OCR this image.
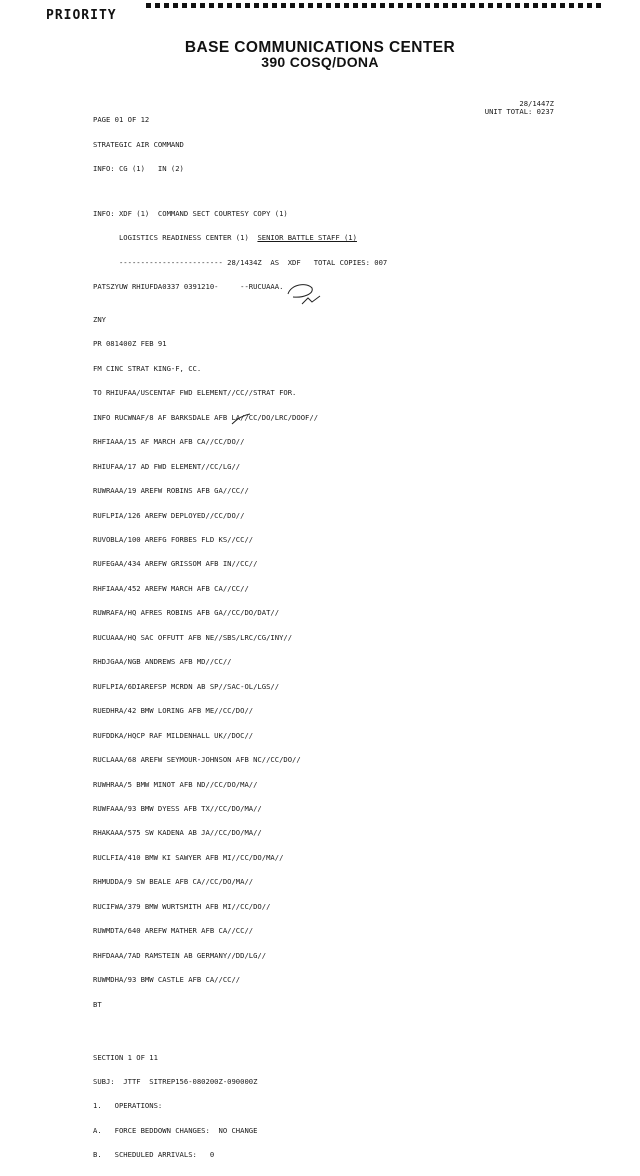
PRIORITY
BASE COMMUNICATIONS CENTER
390 COSQ/DONA
28/1447Z
UNIT TOTAL: 0237

PAGE 01 OF 12

STRATEGIC AIR COMMAND

INFO: CG (1)   IN (2)

INFO: XDF (1)  COMMAND SECT COURTESY COPY (1)

LOGISTICS READINESS CENTER (1)  SENIOR BATTLE STAFF (1)

------------------------ 28/1434Z  AS  XDF   TOTAL COPIES: 007

PATSZYUW RHIUFDA0337 0391210-     --RUCUAAA.

ZNY

PR 081400Z FEB 91

FM CINC STRAT KING-F, CC.

TO RHIUFAA/USCENTAF FWD ELEMENT//CC//STRAT FOR.

INFO RUCWNAF/8 AF BARKSDALE AFB LA//CC/DO/LRC/DOOF//

RHFIAAA/15 AF MARCH AFB CA//CC/DO//

RHIUFAA/17 AD FWD ELEMENT//CC/LG//

RUWRAAA/19 AREFW ROBINS AFB GA//CC//

RUFLPIA/126 AREFW DEPLOYED//CC/DO//

RUVOBLA/100 AREFG FORBES FLD KS//CC//

RUFEGAA/434 AREFW GRISSOM AFB IN//CC//

RHFIAAA/452 AREFW MARCH AFB CA//CC//

RUWRAFA/HQ AFRES ROBINS AFB GA//CC/DO/DAT//

RUCUAAA/HQ SAC OFFUTT AFB NE//SBS/LRC/CG/INY//

RHDJGAA/NGB ANDREWS AFB MD//CC//

RUFLPIA/6DIAREFSP MCRDN AB SP//SAC-OL/LGS//

RUEDHRA/42 BMW LORING AFB ME//CC/DO//

RUFDDKA/HQCP RAF MILDENHALL UK//DOC//

RUCLAAA/68 AREFW SEYMOUR-JOHNSON AFB NC//CC/DO//

RUWHRAA/5 BMW MINOT AFB ND//CC/DO/MA//

RUWFAAA/93 BMW DYESS AFB TX//CC/DO/MA//

RHAKAAA/575 SW KADENA AB JA//CC/DO/MA//

RUCLFIA/410 BMW KI SAWYER AFB MI//CC/DO/MA//

RHMUDDA/9 SW BEALE AFB CA//CC/DO/MA//

RUCIFWA/379 BMW WURTSMITH AFB MI//CC/DO//

RUWMDTA/640 AREFW MATHER AFB CA//CC//

RHFDAAA/7AD RAMSTEIN AB GERMANY//DD/LG//

RUWMDHA/93 BMW CASTLE AFB CA//CC//

BT

SECTION 1 OF 11

SUBJ:  JTTF  SITREP156-080200Z-090000Z

1.   OPERATIONS:

A.   FORCE BEDDOWN CHANGES:  NO CHANGE

B.   SCHEDULED ARRIVALS:   0
